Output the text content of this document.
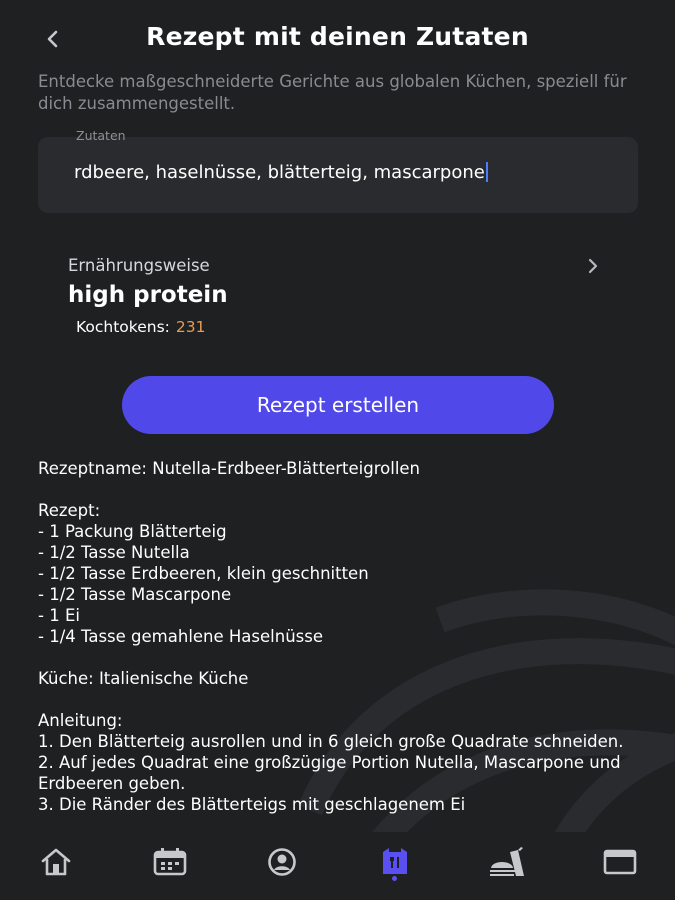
Rezept mit deinen Zutaten
Entdecke maßgeschneiderte Gerichte aus globalen Küchen, speziell für dich zusammengestellt.
Zutaten
rdbeere, haselnüsse, blätterteig, mascarpone
Ernährungsweise
high protein
Kochtokens: 231
Rezept erstellen

Rezeptname: Nutella-Erdbeer-Blätterteigrollen

Rezept:

- 1 Packung Blätterteig

- 1/2 Tasse Nutella

- 1/2 Tasse Erdbeeren, klein geschnitten

- 1/2 Tasse Mascarpone

- 1 Ei

- 1/4 Tasse gemahlene Haselnüsse

Küche: Italienische Küche

Anleitung:

1. Den Blätterteig ausrollen und in 6 gleich große Quadrate schneiden.

2. Auf jedes Quadrat eine großzügige Portion Nutella, Mascarpone und Erdbeeren geben.

3. Die Ränder des Blätterteigs mit geschlagenem Ei
